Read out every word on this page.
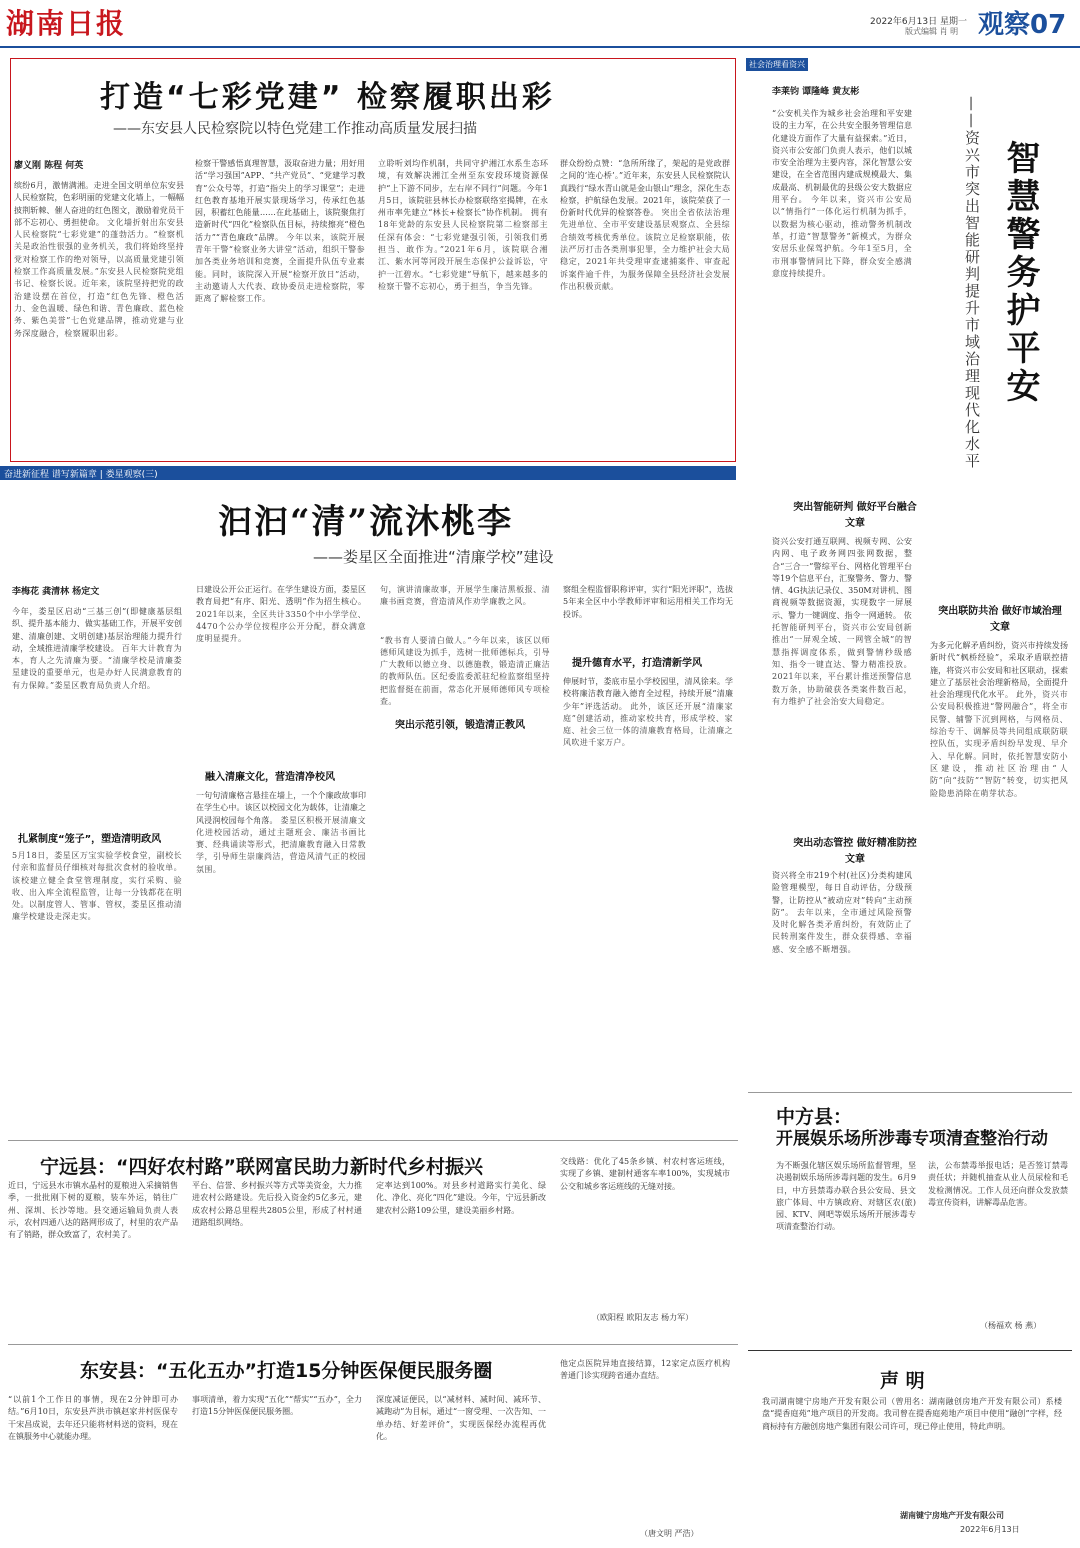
湖南日报	2022年6月13日 星期一
版式编辑 肖 明 观察07
打造“七彩党建” 检察履职出彩
——东安县人民检察院以特色党建工作推动高质量发展扫描
廖义刚 陈程 何英
缤纷6月，激情满湘。走进全国文明单位东安县人民检察院，色彩明丽的党建文化墙上，一幅幅披荆斩棘、催人奋进的红色图文，激励着党员干部不忘初心、勇担使命。 文化墙折射出东安县人民检察院“七彩党建”的蓬勃活力。“检察机关是政治性很强的业务机关，我们将始终坚持党对检察工作的绝对领导，以高质量党建引领检察工作高质量发展。”东安县人民检察院党组书记、检察长说。近年来，该院坚持把党的政治建设摆在首位，打造“红色先锋、橙色活力、金色温暖、绿色和谐、青色廉政、蓝色检务、紫色美誉”七色党建品牌，推动党建与业务深度融合，检察履职出彩。
检察干警感悟真理智慧，汲取奋进力量；用好用活“学习强国”APP、“共产党员”、“党建学习教育”公众号等，打造“指尖上的学习课堂”；走进红色教育基地开展实景现场学习，传承红色基因，积蓄红色能量……在此基础上，该院聚焦打造新时代“四化”检察队伍目标，持续擦亮“橙色活力”“青色廉政”品牌。 今年以来，该院开展青年干警“检察业务大讲堂”活动，组织干警参加各类业务培训和竞赛，全面提升队伍专业素能。同时，该院深入开展“检察开放日”活动，主动邀请人大代表、政协委员走进检察院，零距离了解检察工作。
立聆听刘均作机制，共同守护湘江水系生态环境，有效解决湘江全州至东安段环境资源保护“上下游不同步，左右岸不同行”问题。今年1月5日，该院驻县林长办检察联络室揭牌，在永州市率先建立“林长+检察长”协作机制。 拥有18年党龄的东安县人民检察院第二检察部主任深有体会：“七彩党建强引领，引领我们勇担当、敢作为。”2021年6月，该院联合湘江、紫水河等河段开展生态保护公益诉讼，守护一江碧水。“七彩党建”导航下，越来越多的检察干警不忘初心，勇于担当，争当先锋。
群众纷纷点赞：“急所所缘了，架起的是党政群之间的‘连心桥’。”近年来，东安县人民检察院认真践行“绿水青山就是金山银山”理念，深化生态检察，护航绿色发展。2021年，该院荣获了一份新时代优异的检察答卷。 突出全省依法治理先进单位、全市平安建设基层观察点、全县综合绩效考核优秀单位。该院立足检察职能，依法严厉打击各类刑事犯罪，全力维护社会大局稳定，2021年共受理审查逮捕案件、审查起诉案件逾千件，为服务保障全县经济社会发展作出积极贡献。
社会治理看资兴
智慧警务护平安
——资兴市突出智能研判提升市域治理现代化水平
李莱钧 谭隆峰 黄友彬
“公安机关作为城乡社会治理和平安建设的主力军，在公共安全服务管理信息化建设方面作了大量有益探索。”近日，资兴市公安部门负责人表示，他们以城市安全治理为主要内容，深化智慧公安建设，在全省范围内建成规模最大、集成最高、机制最优的县级公安大数据应用平台。 今年以来，资兴市公安局以“情指行”一体化运行机制为抓手，以数据为核心驱动，推动警务机制改革，打造“智慧警务”新模式，为群众安居乐业保驾护航。今年1至5月，全市刑事警情同比下降，群众安全感满意度持续提升。
突出智能研判 做好平台融合文章
资兴公安打通互联网、视频专网、公安内网、电子政务网四张网数据，整合“三合一”警综平台、网格化管理平台等19个信息平台，汇聚警务、警力、警情、4G执法记录仪、350M对讲机、图商视频等数据资源，实现数字一屏展示、警力一键调度、指令一网通转。 依托智能研判平台，资兴市公安局创新推出“一屏观全域、一网管全城”的智慧指挥调度体系，做到警情秒级感知、指令一键直达、警力精准投放。2021年以来，平台累计推送预警信息数万条，协助破获各类案件数百起，有力维护了社会治安大局稳定。
突出动态管控 做好精准防控文章
资兴将全市219个村(社区)分类构建风险管理模型，每日自动评估，分级预警，让防控从“被动应对”转向“主动预防”。 去年以来，全市通过风险预警及时化解各类矛盾纠纷，有效防止了民转刑案件发生，群众获得感、幸福感、安全感不断增强。
突出联防共治 做好市域治理文章
为多元化解矛盾纠纷，资兴市持续发扬新时代“枫桥经验”，采取矛盾联控措施，将资兴市公安局和社区联动，探索建立了基层社会治理新格局，全面提升社会治理现代化水平。 此外，资兴市公安局积极推进“警网融合”，将全市民警、辅警下沉到网格，与网格员、综治专干、调解员等共同组成联防联控队伍，实现矛盾纠纷早发现、早介入、早化解。同时，依托智慧安防小区建设，推动社区治理由“人防”向“技防”“智防”转变，切实把风险隐患消除在萌芽状态。
奋进新征程 谱写新篇章 | 娄星观察(三)
汩汩“清”流沐桃李
——娄星区全面推进“清廉学校”建设
李梅花 龚清林 杨定文
今年，娄星区启动“三基三创”(即健康基层组织、提升基本能力、做实基础工作，开展平安创建、清廉创建、文明创建)基层治理能力提升行动，全域推进清廉学校建设。 百年大计教育为本，育人之先清廉为要。“清廉学校是清廉娄星建设的重要单元，也是办好人民满意教育的有力保障。”娄星区教育局负责人介绍。
扎紧制度“笼子”，塑造清明政风
5月18日，娄星区万宝实验学校食堂，副校长付亲和监督员仔细核对每批次食材的验收单。该校建立健全食堂管理制度，实行采购、验收、出入库全流程监管，让每一分钱都花在明处。以制度管人、管事、管权，娄星区推动清廉学校建设走深走实。
日建设公开公正运行。在学生建设方面，娄星区教育局把“有序、阳光、透明”作为招生核心。 2021年以来，全区共计3350个中小学学位、4470个公办学位按程序公开分配，群众满意度明显提升。
融入清廉文化，营造清净校风
一句句清廉格言悬挂在墙上，一个个廉政故事印在学生心中。该区以校园文化为载体，让清廉之风浸润校园每个角落。 娄星区积极开展清廉文化进校园活动，通过主题班会、廉洁书画比赛、经典诵读等形式，把清廉教育融入日常教学，引导师生崇廉尚洁，营造风清气正的校园氛围。
突出示范引领，锻造清正教风
句，演讲清廉故事，开展学生廉洁黑板报、清廉书画竞赛，营造清风作劝学廉教之风。
“教书育人要清白做人。”今年以来，该区以师德师风建设为抓手，选树一批师德标兵，引导广大教师以德立身、以德施教，锻造清正廉洁的教师队伍。区纪委监委派驻纪检监察组坚持把监督挺在前面，常态化开展师德师风专项检查。
察组全程监督职称评审，实行“阳光评职”，选拔5年来全区中小学教师评审和运用相关工作均无投诉。
提升德育水平，打造清新学风
伸展时节，娄底市星小学校园里，清风徐来。学校将廉洁教育融入德育全过程，持续开展“清廉少年”评选活动。 此外，该区还开展“清廉家庭”创建活动，推动家校共育，形成学校、家庭、社会三位一体的清廉教育格局，让清廉之风吹进千家万户。
中方县：
开展娱乐场所涉毒专项清查整治行动
为不断强化辖区娱乐场所监督管理，坚决遏制娱乐场所涉毒问题的发生。6月9日，中方县禁毒办联合县公安局、县文旅广体局、中方镇政府、对辖区农(旅)园、KTV、网吧等娱乐场所开展涉毒专项清查整治行动。
法，公布禁毒举报电话；是否签订禁毒责任状；并随机抽查从业人员尿检和毛发检测情况。工作人员还向群众发放禁毒宣传资料，讲解毒品危害。
（杨福欢 杨 燕）
宁远县：“四好农村路”联网富民助力新时代乡村振兴
近日，宁远县水市镇水晶村的夏粮进入采摘销售季，一批批刚下树的夏粮，装车外运，销往广州、深圳、长沙等地。县交通运输局负责人表示，农村四通八达的路网形成了，村里的农产品有了销路，群众致富了，农村美了。
平台、信誉、乡村振兴等方式等美资金，大力推进农村公路建设。先后投入资金约5亿多元，建成农村公路总里程共2805公里，形成了村村通道路组织网络。
定率达到100%。对县乡村道路实行美化、绿化、净化、亮化“四化”建设。今年，宁远县新改建农村公路109公里，建设美丽乡村路。
交线路：优化了45条乡镇、村农村客运班线，实现了乡镇、建制村通客车率100%，实现城市公交和城乡客运班线的无缝对接。
（欧阳程 欧阳友志 杨力军）
东安县：“五化五办”打造15分钟医保便民服务圈
“以前1个工作日的事情，现在2分钟即可办结。”6月10日，东安县芦洪市镇赵家井村医保专干宋昌成说，去年还只能将材料送的资料，现在在镇服务中心就能办理。
事项清单，着力实现“五化”“帮实”“五办”，全力打造15分钟医保便民服务圈。
深度减证便民，以“减材料、减时间、减环节、减跑动”为目标，通过“一窗受理、一次告知、一单办结、好差评价”，实现医保经办流程再优化。
他定点医院异地直接结算，12家定点医疗机构普通门诊实现跨省通办直结。
（唐文明 严浩）
声 明
我司湖南键宁房地产开发有限公司（曾用名：湖南融创房地产开发有限公司）系楼盘“提香庭苑”地产项目的开发商。我司曾在提香庭苑地产项目中使用“融创”字样，经商标持有方融创房地产集团有限公司许可，现已停止使用，特此声明。
湖南键宁房地产开发有限公司
2022年6月13日
